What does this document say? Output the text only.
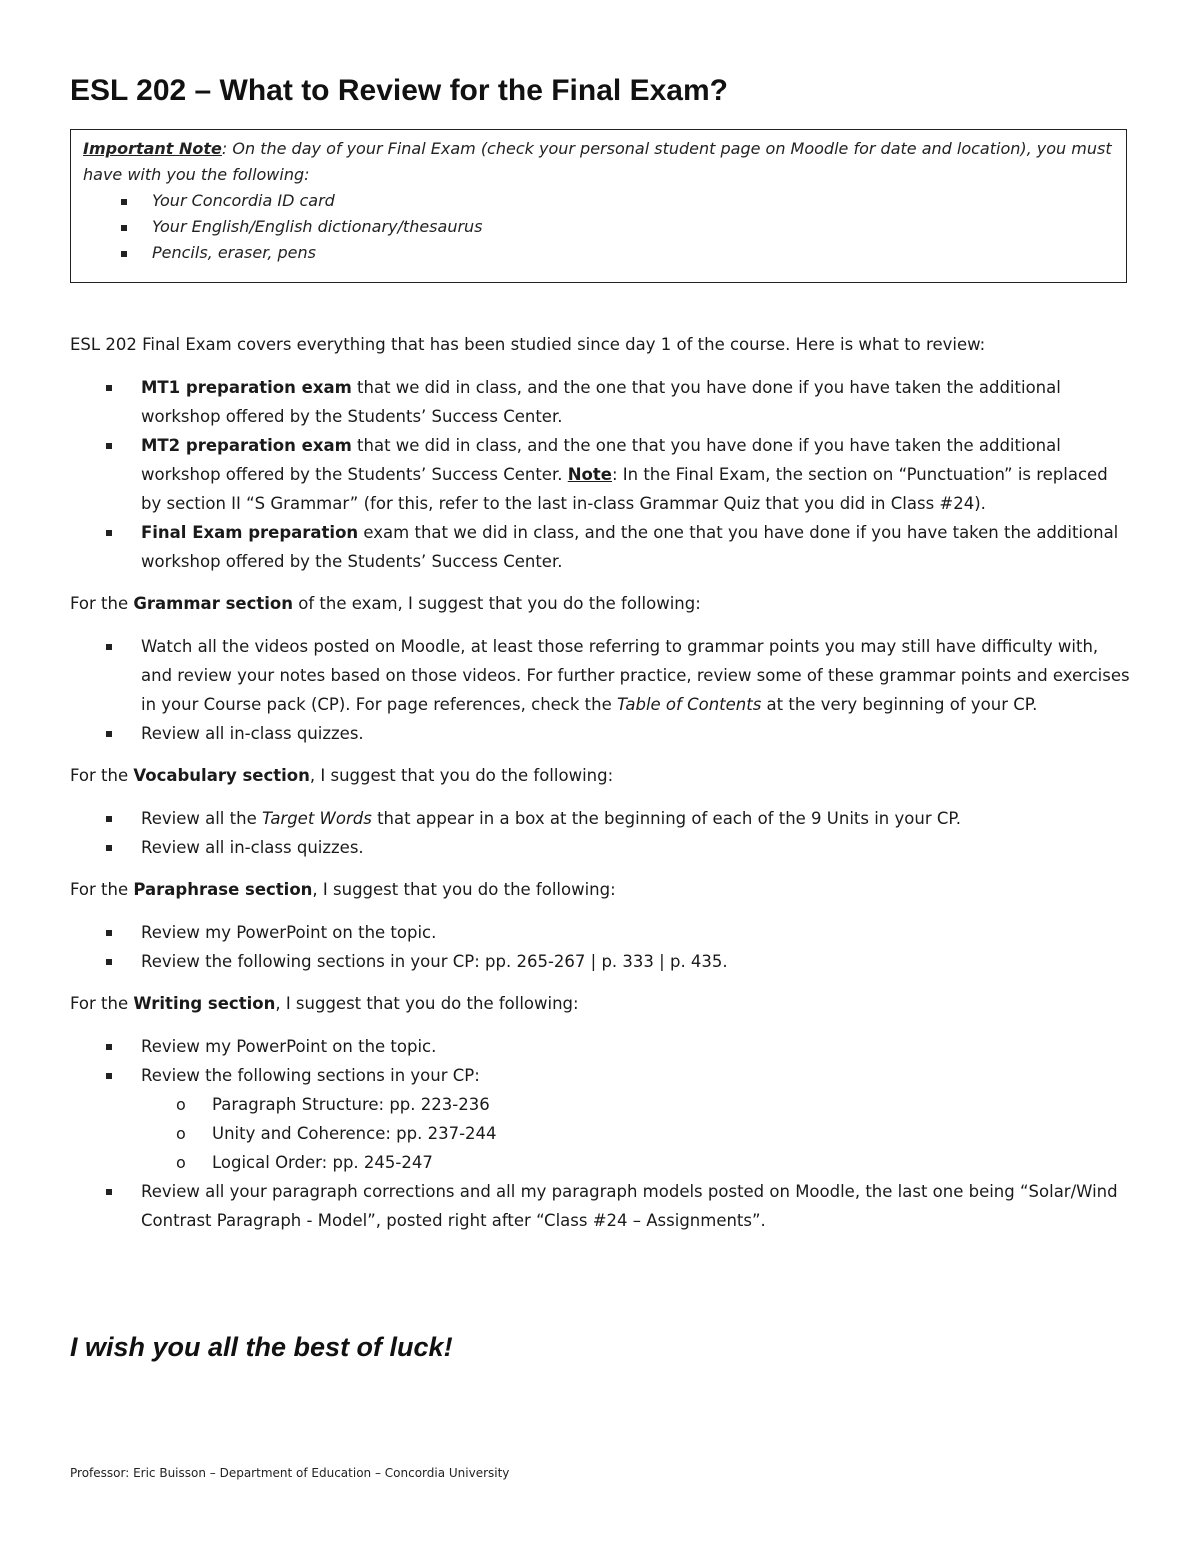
ESL 202 – What to Review for the Final Exam?
Important Note: On the day of your Final Exam (check your personal student page on Moodle for date and location), you must have with you the following:
Your Concordia ID card
Your English/English dictionary/thesaurus
Pencils, eraser, pens

ESL 202 Final Exam covers everything that has been studied since day 1 of the course. Here is what to review:

MT1 preparation exam that we did in class, and the one that you have done if you have taken the additional workshop offered by the Students’ Success Center.
MT2 preparation exam that we did in class, and the one that you have done if you have taken the additional workshop offered by the Students’ Success Center. Note: In the Final Exam, the section on “Punctuation” is replaced by section II “S Grammar” (for this, refer to the last in-class Grammar Quiz that you did in Class #24).
Final Exam preparation exam that we did in class, and the one that you have done if you have taken the additional workshop offered by the Students’ Success Center.

For the Grammar section of the exam, I suggest that you do the following:

Watch all the videos posted on Moodle, at least those referring to grammar points you may still have difficulty with, and review your notes based on those videos. For further practice, review some of these grammar points and exercises in your Course pack (CP). For page references, check the Table of Contents at the very beginning of your CP.
Review all in-class quizzes.

For the Vocabulary section, I suggest that you do the following:

Review all the Target Words that appear in a box at the beginning of each of the 9 Units in your CP.
Review all in-class quizzes.

For the Paraphrase section, I suggest that you do the following:

Review my PowerPoint on the topic.
Review the following sections in your CP: pp. 265-267 | p. 333 | p. 435.

For the Writing section, I suggest that you do the following:

Review my PowerPoint on the topic.
Review the following sections in your CP:
o Paragraph Structure: pp. 223-236
o Unity and Coherence: pp. 237-244
o Logical Order: pp. 245-247
Review all your paragraph corrections and all my paragraph models posted on Moodle, the last one being “Solar/Wind Contrast Paragraph - Model”, posted right after “Class #24 – Assignments”.
I wish you all the best of luck!
Professor: Eric Buisson – Department of Education – Concordia University
